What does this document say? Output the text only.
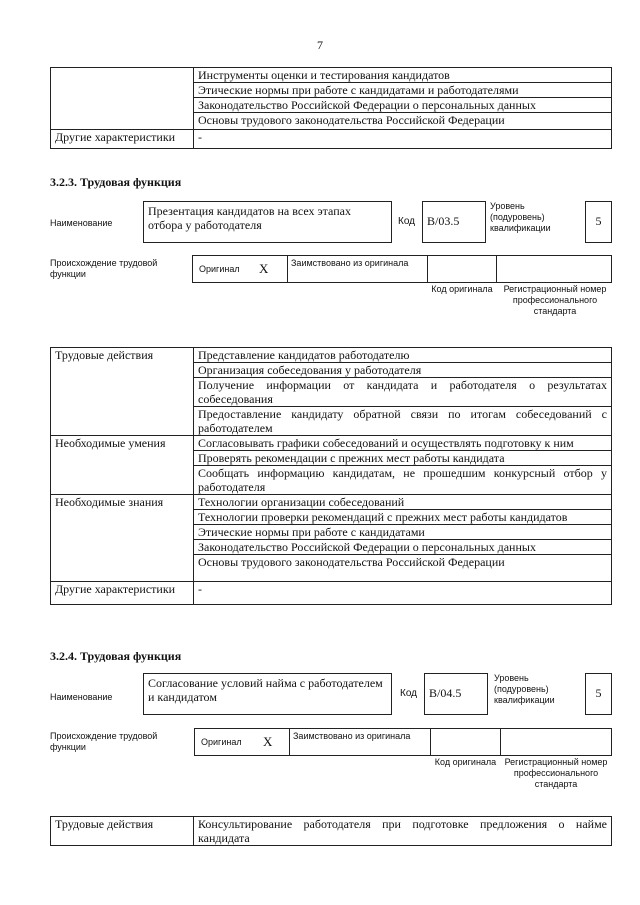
7
	Инструменты оценки и тестирования кандидатов
	Этические нормы при работе с кандидатами и работодателями
	Законодательство Российской Федерации о персональных данных
	Основы трудового законодательства Российской Федерации
Другие характеристики	-
3.2.3. Трудовая функция
Наименование
Презентация кандидатов на всех этапах отбора у работодателя	Код B/03.5
Уровень (подуровень) квалификации	5
Происхождение трудовой функции	Оригинал X	Заимствовано из оригинала
Код оригинала	Регистрационный номер профессионального стандарта
Трудовые действия	Представление кандидатов работодателю
	Организация собеседования у работодателя
	Получение информации от кандидата и работодателя о результатах собеседования
	Предоставление кандидату обратной связи по итогам собеседований с работодателем
Необходимые умения	Согласовывать графики собеседований и осуществлять подготовку к ним
	Проверять рекомендации с прежних мест работы кандидата
	Сообщать информацию кандидатам, не прошедшим конкурсный отбор у работодателя
Необходимые знания	Технологии организации собеседований
	Технологии проверки рекомендаций с прежних мест работы кандидатов
	Этические нормы при работе с кандидатами
	Законодательство Российской Федерации о персональных данных
	Основы трудового законодательства Российской Федерации
Другие характеристики	-
3.2.4. Трудовая функция
Наименование
Согласование условий найма с работодателем и кандидатом	Код B/04.5
Уровень (подуровень) квалификации	5
Происхождение трудовой функции	Оригинал X	Заимствовано из оригинала
Код оригинала Регистрационный номер профессионального стандарта
Трудовые действия	Консультирование работодателя при подготовке предложения о найме кандидата
